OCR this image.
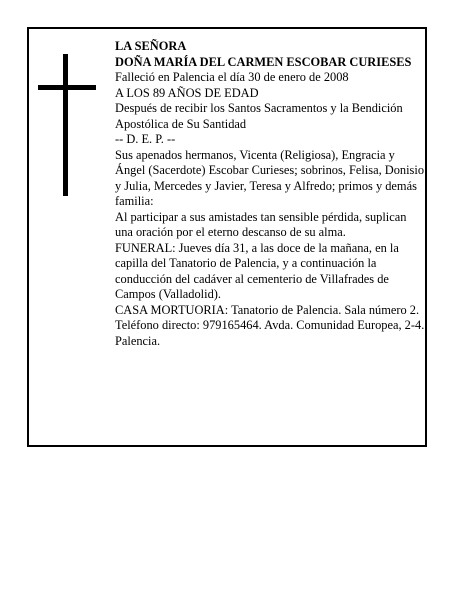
LA SEÑORA

DOÑA MARÍA DEL CARMEN ESCOBAR CURIESES

Falleció en Palencia el día 30 de enero de 2008

A LOS 89 AÑOS DE EDAD

Después de recibir los Santos Sacramentos y la Bendición Apostólica de Su Santidad

-- D. E. P. --

Sus apenados hermanos, Vicenta (Religiosa), Engracia y Ángel (Sacerdote) Escobar Curieses; sobrinos, Felisa, Donisio y Julia, Mercedes y Javier, Teresa y Alfredo; primos y demás familia:

Al participar a sus amistades tan sensible pérdida, suplican una oración por el eterno descanso de su alma.

FUNERAL: Jueves día 31, a las doce de la mañana, en la capilla del Tanatorio de Palencia, y a continuación la conducción del cadáver al cementerio de Villafrades de Campos (Valladolid).

CASA MORTUORIA: Tanatorio de Palencia. Sala número 2. Teléfono directo: 979165464. Avda. Comunidad Europea, 2-4. Palencia.
